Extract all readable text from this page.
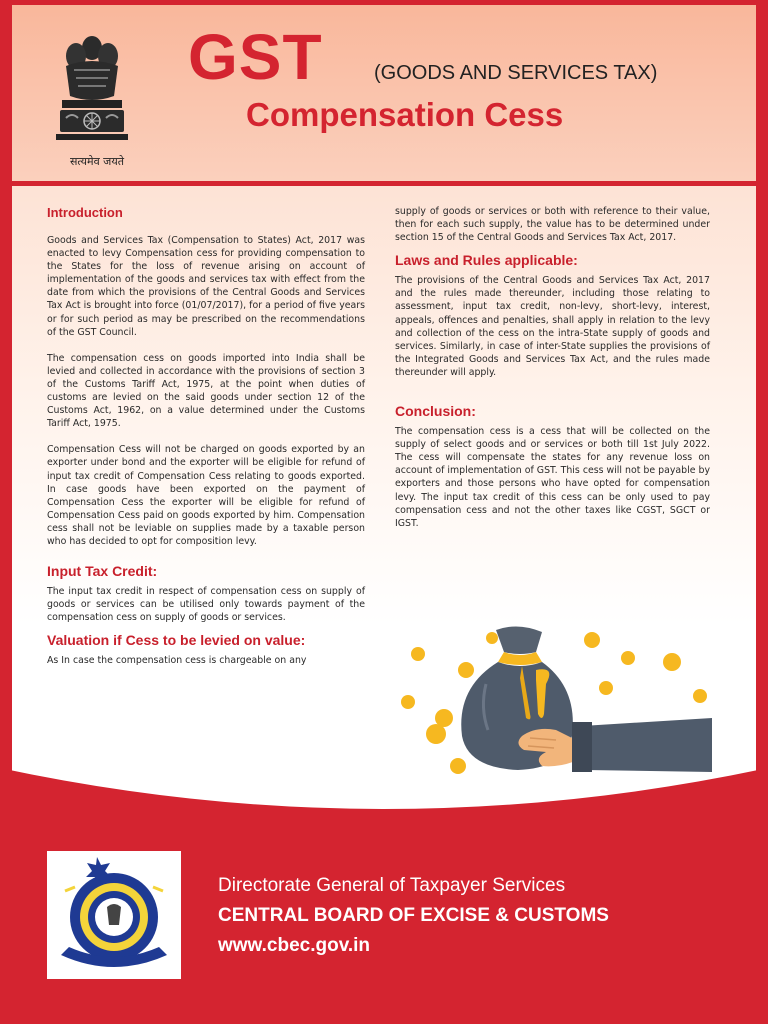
सत्यमेव जयते
GST	(GOODS AND SERVICES TAX)
Compensation Cess
Introduction

Goods and Services Tax (Compensation to States) Act, 2017 was enacted to levy Compensation cess for providing compensation to the States for the loss of revenue arising on account of implementation of the goods and services tax with effect from the date from which the provisions of the Central Goods and Services Tax Act is brought into force (01/07/2017), for a period of five years or for such period as may be prescribed on the recommendations of the GST Council.

The compensation cess on goods imported into India shall be levied and collected in accordance with the provisions of section 3 of the Customs Tariff Act, 1975, at the point when duties of customs are levied on the said goods under section 12 of the Customs Act, 1962, on a value determined under the Customs Tariff Act, 1975.

Compensation Cess will not be charged on goods exported by an exporter under bond and the exporter will be eligible for refund of input tax credit of Compensation Cess relating to goods exported. In case goods have been exported on the payment of Compensation Cess the exporter will be eligible for refund of Compensation Cess paid on goods exported by him. Compensation cess shall not be leviable on supplies made by a taxable person who has decided to opt for composition levy.

Input Tax Credit:

The input tax credit in respect of compensation cess on supply of goods or services can be utilised only towards payment of the compensation cess on supply of goods or services.

Valuation if Cess to be levied on value:

As In case the compensation cess is chargeable on any

supply of goods or services or both with reference to their value, then for each such supply, the value has to be determined under section 15 of the Central Goods and Services Tax Act, 2017.

Laws and Rules applicable:

The provisions of the Central Goods and Services Tax Act, 2017 and the rules made thereunder, including those relating to assessment, input tax credit, non-levy, short-levy, interest, appeals, offences and penalties, shall apply in relation to the levy and collection of the cess on the intra-State supply of goods and services. Similarly, in case of inter-State supplies the provisions of the Integrated Goods and Services Tax Act, and the rules made thereunder will apply.

Conclusion:

The compensation cess is a cess that will be collected on the supply of select goods and or services or both till 1st July 2022. The cess will compensate the states for any revenue loss on account of implementation of GST. This cess will not be payable by exporters and those persons who have opted for compensation levy. The input tax credit of this cess can be only used to pay compensation cess and not the other taxes like CGST, SGCT or IGST.

Directorate General of Taxpayer Services
CENTRAL BOARD OF EXCISE & CUSTOMS
www.cbec.gov.in
